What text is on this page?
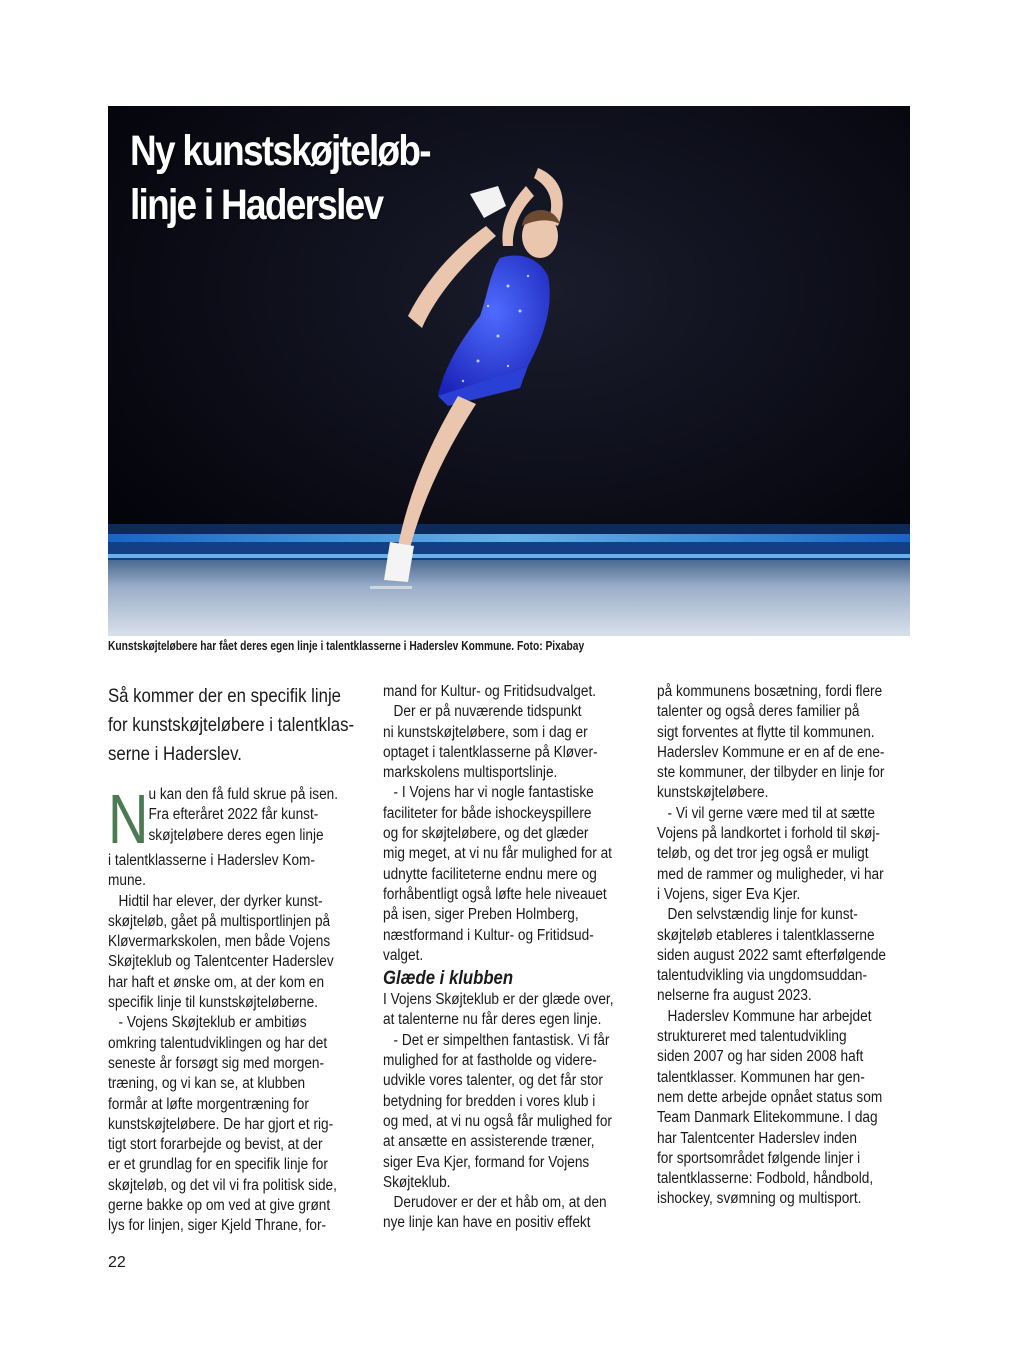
Ny kunstskøjteløb-
linje i Haderslev
Kunstskøjteløbere har fået deres egen linje i talentklasserne i Haderslev Kommune. Foto: Pixabay

Så kommer der en specifik linje
for kunstskøjteløbere i talentklas-
serne i Haderslev.

N u kan den få fuld skrue på isen.
Fra efteråret 2022 får kunst-
skøjteløbere deres egen linje
i talentklasserne i Haderslev Kom-
mune.
Hidtil har elever, der dyrker kunst-
skøjteløb, gået på multisportlinjen på
Kløvermarkskolen, men både Vojens
Skøjteklub og Talentcenter Haderslev
har haft et ønske om, at der kom en
specifik linje til kunstskøjteløberne.
- Vojens Skøjteklub er ambitiøs
omkring talentudviklingen og har det
seneste år forsøgt sig med morgen-
træning, og vi kan se, at klubben
formår at løfte morgentræning for
kunstskøjteløbere. De har gjort et rig-
tigt stort forarbejde og bevist, at der
er et grundlag for en specifik linje for
skøjteløb, og det vil vi fra politisk side,
gerne bakke op om ved at give grønt
lys for linjen, siger Kjeld Thrane, for-
mand for Kultur- og Fritidsudvalget.
Der er på nuværende tidspunkt
ni kunstskøjteløbere, som i dag er
optaget i talentklasserne på Kløver-
markskolens multisportslinje.
- I Vojens har vi nogle fantastiske
faciliteter for både ishockeyspillere
og for skøjteløbere, og det glæder
mig meget, at vi nu får mulighed for at
udnytte faciliteterne endnu mere og
forhåbentligt også løfte hele niveauet
på isen, siger Preben Holmberg,
næstformand i Kultur- og Fritidsud-
valget.
Glæde i klubben
I Vojens Skøjteklub er der glæde over,
at talenterne nu får deres egen linje.
- Det er simpelthen fantastisk. Vi får
mulighed for at fastholde og videre-
udvikle vores talenter, og det får stor
betydning for bredden i vores klub i
og med, at vi nu også får mulighed for
at ansætte en assisterende træner,
siger Eva Kjer, formand for Vojens
Skøjteklub.
Derudover er der et håb om, at den
nye linje kan have en positiv effekt
på kommunens bosætning, fordi flere
talenter og også deres familier på
sigt forventes at flytte til kommunen.
Haderslev Kommune er en af de ene-
ste kommuner, der tilbyder en linje for
kunstskøjteløbere.
- Vi vil gerne være med til at sætte
Vojens på landkortet i forhold til skøj-
teløb, og det tror jeg også er muligt
med de rammer og muligheder, vi har
i Vojens, siger Eva Kjer.
Den selvstændig linje for kunst-
skøjteløb etableres i talentklasserne
siden august 2022 samt efterfølgende
talentudvikling via ungdomsuddan-
nelserne fra august 2023.
Haderslev Kommune har arbejdet
struktureret med talentudvikling
siden 2007 og har siden 2008 haft
talentklasser. Kommunen har gen-
nem dette arbejde opnået status som
Team Danmark Elitekommune. I dag
har Talentcenter Haderslev inden
for sportsområdet følgende linjer i
talentklasserne: Fodbold, håndbold,
ishockey, svømning og multisport.
22
